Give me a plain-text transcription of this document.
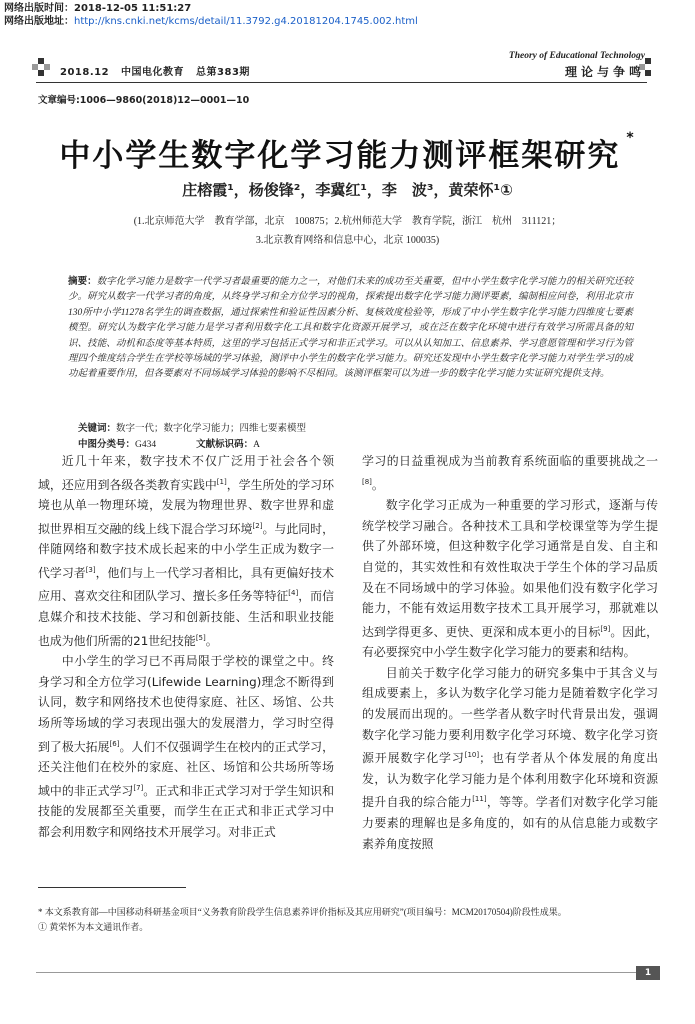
网络出版时间：2018-12-05 11:51:27
网络出版地址：http://kns.cnki.net/kcms/detail/11.3792.g4.20181204.1745.002.html
2018.12 中国电化教育 总第383期
Theory of Educational Technology
理论与争鸣
文章编号:1006—9860(2018)12—0001—10
中小学生数字化学习能力测评框架研究 *
庄榕霞¹，杨俊锋²，李冀红¹，李　波³，黄荣怀¹①
(1.北京师范大学　教育学部，北京　100875；2.杭州师范大学　教育学院，浙江　杭州　311121；
3.北京教育网络和信息中心，北京 100035)
摘要：数字化学习能力是数字一代学习者最重要的能力之一，对他们未来的成功至关重要，但中小学生数字化学习能力的相关研究还较少。研究从数字一代学习者的角度，从终身学习和全方位学习的视角，探索提出数字化学习能力测评要素，编制相应问卷，利用北京市130所中小学11278名学生的调查数据，通过探索性和验证性因素分析、复核效度检验等，形成了中小学生数字化学习能力四维度七要素模型。研究认为数字化学习能力是学习者利用数字化工具和数字化资源开展学习，或在泛在数字化环境中进行有效学习所需具备的知识、技能、动机和态度等基本特质，这里的学习包括正式学习和非正式学习。可以从认知加工、信息素养、学习意愿管理和学习行为管理四个维度结合学生在学校等场域的学习体验，测评中小学生的数字化学习能力。研究还发现中小学生数字化学习能力对学生学习的成功起着重要作用，但各要素对不同场域学习体验的影响不尽相同。该测评框架可以为进一步的数字化学习能力实证研究提供支持。
关键词：数字一代；数字化学习能力；四维七要素模型
中图分类号：G434	文献标识码：A

近几十年来，数字技术不仅广泛用于社会各个领域，还应用到各级各类教育实践中[1]，学生所处的学习环境也从单一物理环境，发展为物理世界、数字世界和虚拟世界相互交融的线上线下混合学习环境[2]。与此同时，伴随网络和数字技术成长起来的中小学生正成为数字一代学习者[3]，他们与上一代学习者相比，具有更偏好技术应用、喜欢交往和团队学习、擅长多任务等特征[4]，而信息媒介和技术技能、学习和创新技能、生活和职业技能也成为他们所需的21世纪技能[5]。

中小学生的学习已不再局限于学校的课堂之中。终身学习和全方位学习(Lifewide Learning)理念不断得到认同，数字和网络技术也使得家庭、社区、场馆、公共场所等场域的学习表现出强大的发展潜力，学习时空得到了极大拓展[6]。人们不仅强调学生在校内的正式学习，还关注他们在校外的家庭、社区、场馆和公共场所等场域中的非正式学习[7]。正式和非正式学习对于学生知识和技能的发展都至关重要，而学生在正式和非正式学习中都会利用数字和网络技术开展学习。对非正式

学习的日益重视成为当前教育系统面临的重要挑战之一[8]。

数字化学习正成为一种重要的学习形式，逐渐与传统学校学习融合。各种技术工具和学校课堂等为学生提供了外部环境，但这种数字化学习通常是自发、自主和自觉的，其实效性和有效性取决于学生个体的学习品质及在不同场域中的学习体验。如果他们没有数字化学习能力，不能有效运用数字技术工具开展学习，那就难以达到学得更多、更快、更深和成本更小的目标[9]。因此，有必要探究中小学生数字化学习能力的要素和结构。

目前关于数字化学习能力的研究多集中于其含义与组成要素上，多认为数字化学习能力是随着数字化学习的发展而出现的。一些学者从数字时代背景出发，强调数字化学习能力要利用数字化学习环境、数字化学习资源开展数字化学习[10]；也有学者从个体发展的角度出发，认为数字化学习能力是个体利用数字化环境和资源提升自我的综合能力[11]，等等。学者们对数字化学习能力要素的理解也是多角度的，如有的从信息能力或数字素养角度按照

* 本文系教育部—中国移动科研基金项目“义务教育阶段学生信息素养评价指标及其应用研究”(项目编号：MCM20170504)阶段性成果。
① 黄荣怀为本文通讯作者。
1
